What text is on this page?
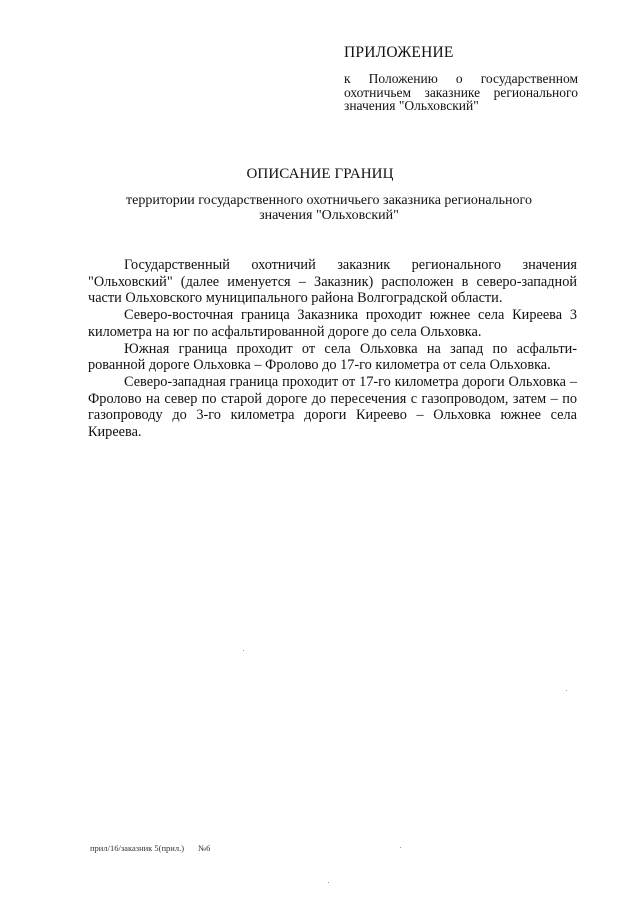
ПРИЛОЖЕНИЕ
к Положению о государственном охотничьем заказнике регионального значения "Ольховский"
ОПИСАНИЕ ГРАНИЦ
территории государственного охотничьего заказника регионального значения "Ольховский"

Государственный охотничий заказник регионального значения "Ольховский" (далее именуется – Заказник) расположен в северо-западной части Ольховского муниципального района Волгоградской области.

Северо-восточная граница Заказника проходит южнее села Киреева 3 километра на юг по асфальтированной дороге до села Ольховка.

Южная граница проходит от села Ольховка на запад по асфальти-рованной дороге Ольховка – Фролово до 17-го километра от села Ольховка.

Северо-западная граница проходит от 17-го километра дороги Ольховка – Фролово на север по старой дороге до пересечения с газопроводом, затем – по газопроводу до 3-го километра дороги Киреево – Ольховка южнее села Киреева.

прил/16/заказник 5(прил.) №6
